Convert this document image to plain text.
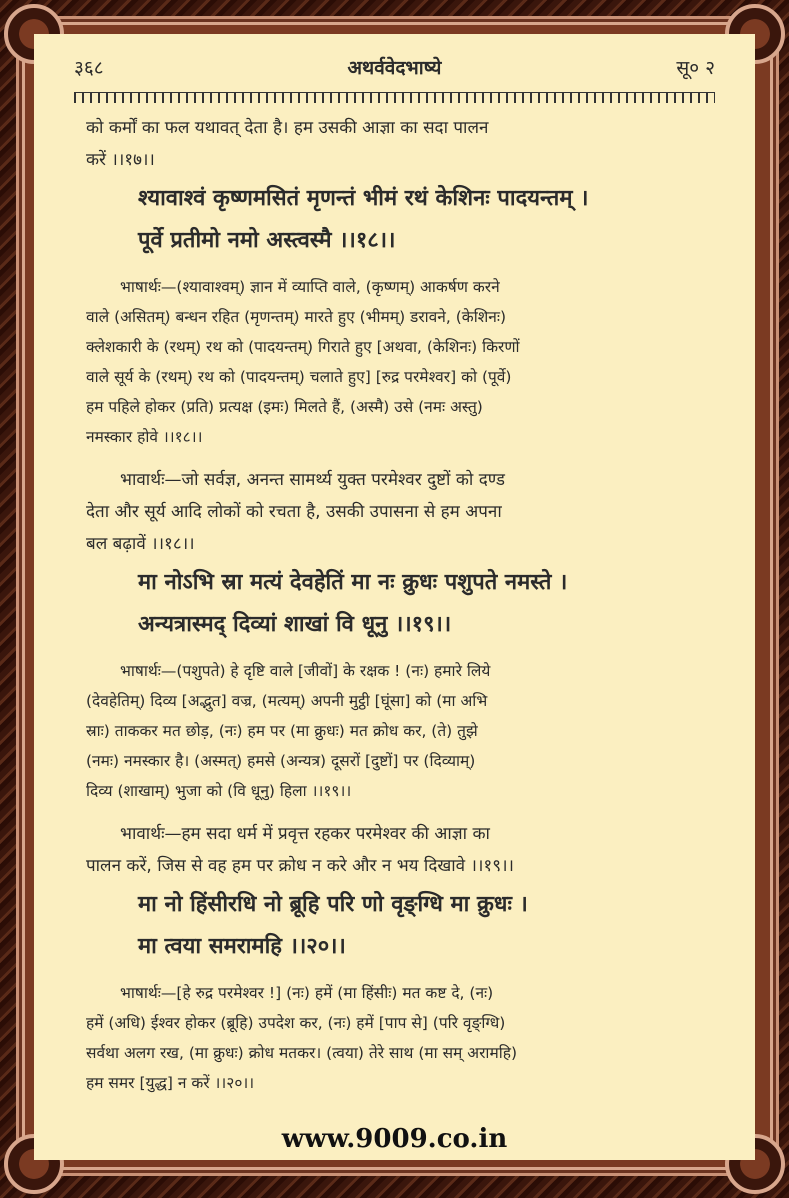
३६८	अथर्ववेदभाष्ये	सू० २
को कर्मों का फल यथावत् देता है। हम उसकी आज्ञा का सदा पालन
करें ।।१७।।
श्यावाश्वं कृष्णमसितं मृणन्तं भीमं रथं केशिनः पादयन्तम् ।
पूर्वे प्रतीमो नमो अस्त्वस्मै ।।१८।।
भाषार्थः—(श्यावाश्वम्) ज्ञान में व्याप्ति वाले, (कृष्णम्) आकर्षण करने
वाले (असितम्) बन्धन रहित (मृणन्तम्) मारते हुए (भीमम्) डरावने, (केशिनः)
क्लेशकारी के (रथम्) रथ को (पादयन्तम्) गिराते हुए [अथवा, (केशिनः) किरणों
वाले सूर्य के (रथम्) रथ को (पादयन्तम्) चलाते हुए] [रुद्र परमेश्वर] को (पूर्वे)
हम पहिले होकर (प्रति) प्रत्यक्ष (इमः) मिलते हैं, (अस्मै) उसे (नमः अस्तु)
नमस्कार होवे ।।१८।।
भावार्थः—जो सर्वज्ञ, अनन्त सामर्थ्य युक्त परमेश्वर दुष्टों को दण्ड
देता और सूर्य आदि लोकों को रचता है, उसकी उपासना से हम अपना
बल बढ़ावें ।।१८।।
मा नोऽभि स्रा मत्यं देवहेतिं मा नः क्रुधः पशुपते नमस्ते ।
अन्यत्रास्मद् दिव्यां शाखां वि धूनु ।।१९।।
भाषार्थः—(पशुपते) हे दृष्टि वाले [जीवों] के रक्षक ! (नः) हमारे लिये
(देवहेतिम्) दिव्य [अद्भुत] वज्र, (मत्यम्) अपनी मुट्ठी [घूंसा] को (मा अभि
स्राः) ताककर मत छोड़, (नः) हम पर (मा क्रुधः) मत क्रोध कर, (ते) तुझे
(नमः) नमस्कार है। (अस्मत्) हमसे (अन्यत्र) दूसरों [दुष्टों] पर (दिव्याम्)
दिव्य (शाखाम्) भुजा को (वि धूनु) हिला ।।१९।।
भावार्थः—हम सदा धर्म में प्रवृत्त रहकर परमेश्वर की आज्ञा का
पालन करें, जिस से वह हम पर क्रोध न करे और न भय दिखावे ।।१९।।
मा नो हिंसीरधि नो ब्रूहि परि णो वृङ्ग्धि मा क्रुधः ।
मा त्वया समरामहि ।।२०।।
भाषार्थः—[हे रुद्र परमेश्वर !] (नः) हमें (मा हिंसीः) मत कष्ट दे, (नः)
हमें (अधि) ईश्वर होकर (ब्रूहि) उपदेश कर, (नः) हमें [पाप से] (परि वृङ्ग्धि)
सर्वथा अलग रख, (मा क्रुधः) क्रोध मतकर। (त्वया) तेरे साथ (मा सम् अरामहि)
हम समर [युद्ध] न करें ।।२०।।
www.9009.co.in
